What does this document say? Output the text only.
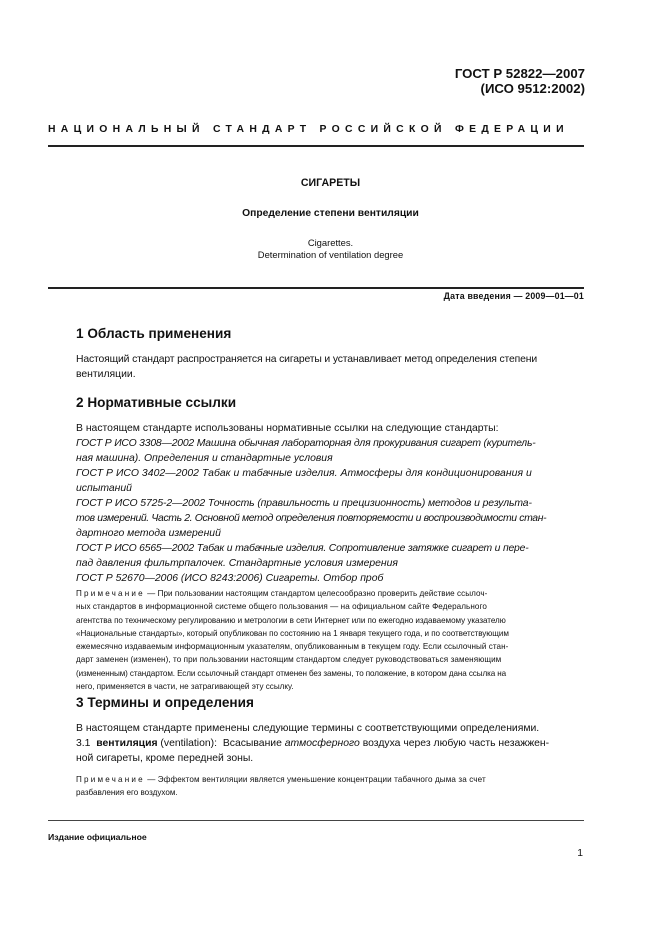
ГОСТ Р 52822—2007
(ИСО 9512:2002)
НАЦИОНАЛЬНЫЙ СТАНДАРТ РОССИЙСКОЙ ФЕДЕРАЦИИ
СИГАРЕТЫ
Определение степени вентиляции
Cigarettes.
Determination of ventilation degree
Дата введения — 2009—01—01
1 Область применения
Настоящий стандарт распространяется на сигареты и устанавливает метод определения степени
вентиляции.
2 Нормативные ссылки
В настоящем стандарте использованы нормативные ссылки на следующие стандарты:
ГОСТ Р ИСО 3308—2002 Машина обычная лабораторная для прокуривания сигарет (куритель-
ная машина). Определения и стандартные условия
ГОСТ Р ИСО 3402—2002 Табак и табачные изделия. Атмосферы для кондиционирования и
испытаний
ГОСТ Р ИСО 5725-2—2002 Точность (правильность и прецизионность) методов и результа-
тов измерений. Часть 2. Основной метод определения повторяемости и воспроизводимости стан-
дартного метода измерений
ГОСТ Р ИСО 6565—2002 Табак и табачные изделия. Сопротивление затяжке сигарет и пере-
пад давления фильтрпалочек. Стандартные условия измерения
ГОСТ Р 52670—2006 (ИСО 8243:2006) Сигареты. Отбор проб
Примечание — При пользовании настоящим стандартом целесообразно проверить действие ссылоч-
ных стандартов в информационной системе общего пользования — на официальном сайте Федерального
агентства по техническому регулированию и метрологии в сети Интернет или по ежегодно издаваемому указателю
«Национальные стандарты», который опубликован по состоянию на 1 января текущего года, и по соответствующим
ежемесячно издаваемым информационным указателям, опубликованным в текущем году. Если ссылочный стан-
дарт заменен (изменен), то при пользовании настоящим стандартом следует руководствоваться заменяющим
(измененным) стандартом. Если ссылочный стандарт отменен без замены, то положение, в котором дана ссылка на
него, применяется в части, не затрагивающей эту ссылку.
3 Термины и определения
В настоящем стандарте применены следующие термины с соответствующими определениями.
3.1 вентиляция (ventilation): Всасывание атмосферного воздуха через любую часть незажжен-
ной сигареты, кроме передней зоны.
Примечание — Эффектом вентиляции является уменьшение концентрации табачного дыма за счет
разбавления его воздухом.
Издание официальное
1
